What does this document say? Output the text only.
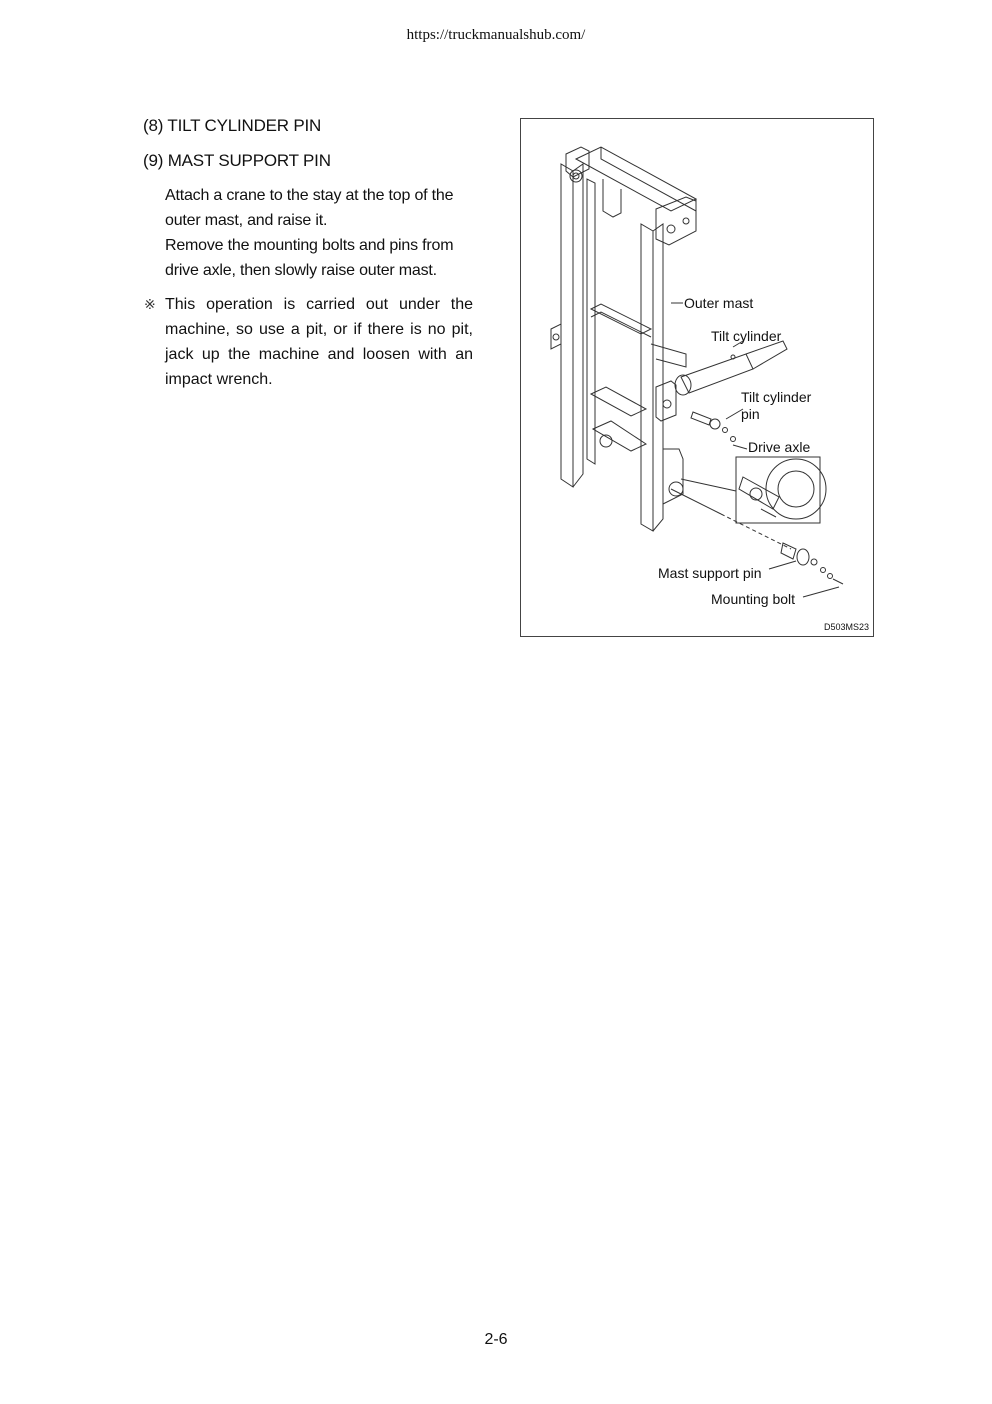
https://truckmanualshub.com/
(8) TILT CYLINDER PIN
(9) MAST SUPPORT PIN
Attach a crane to the stay at the top of the
outer mast, and raise it.
Remove the mounting bolts and pins from
drive axle, then slowly raise outer mast.
※ This operation is carried out under the machine, so use a pit, or if there is no pit, jack up the machine and loosen with an impact wrench.
Outer mast
Tilt cylinder
Tilt cylinder
pin
Drive axle
Mast support pin
Mounting bolt
D503MS23
2-6
